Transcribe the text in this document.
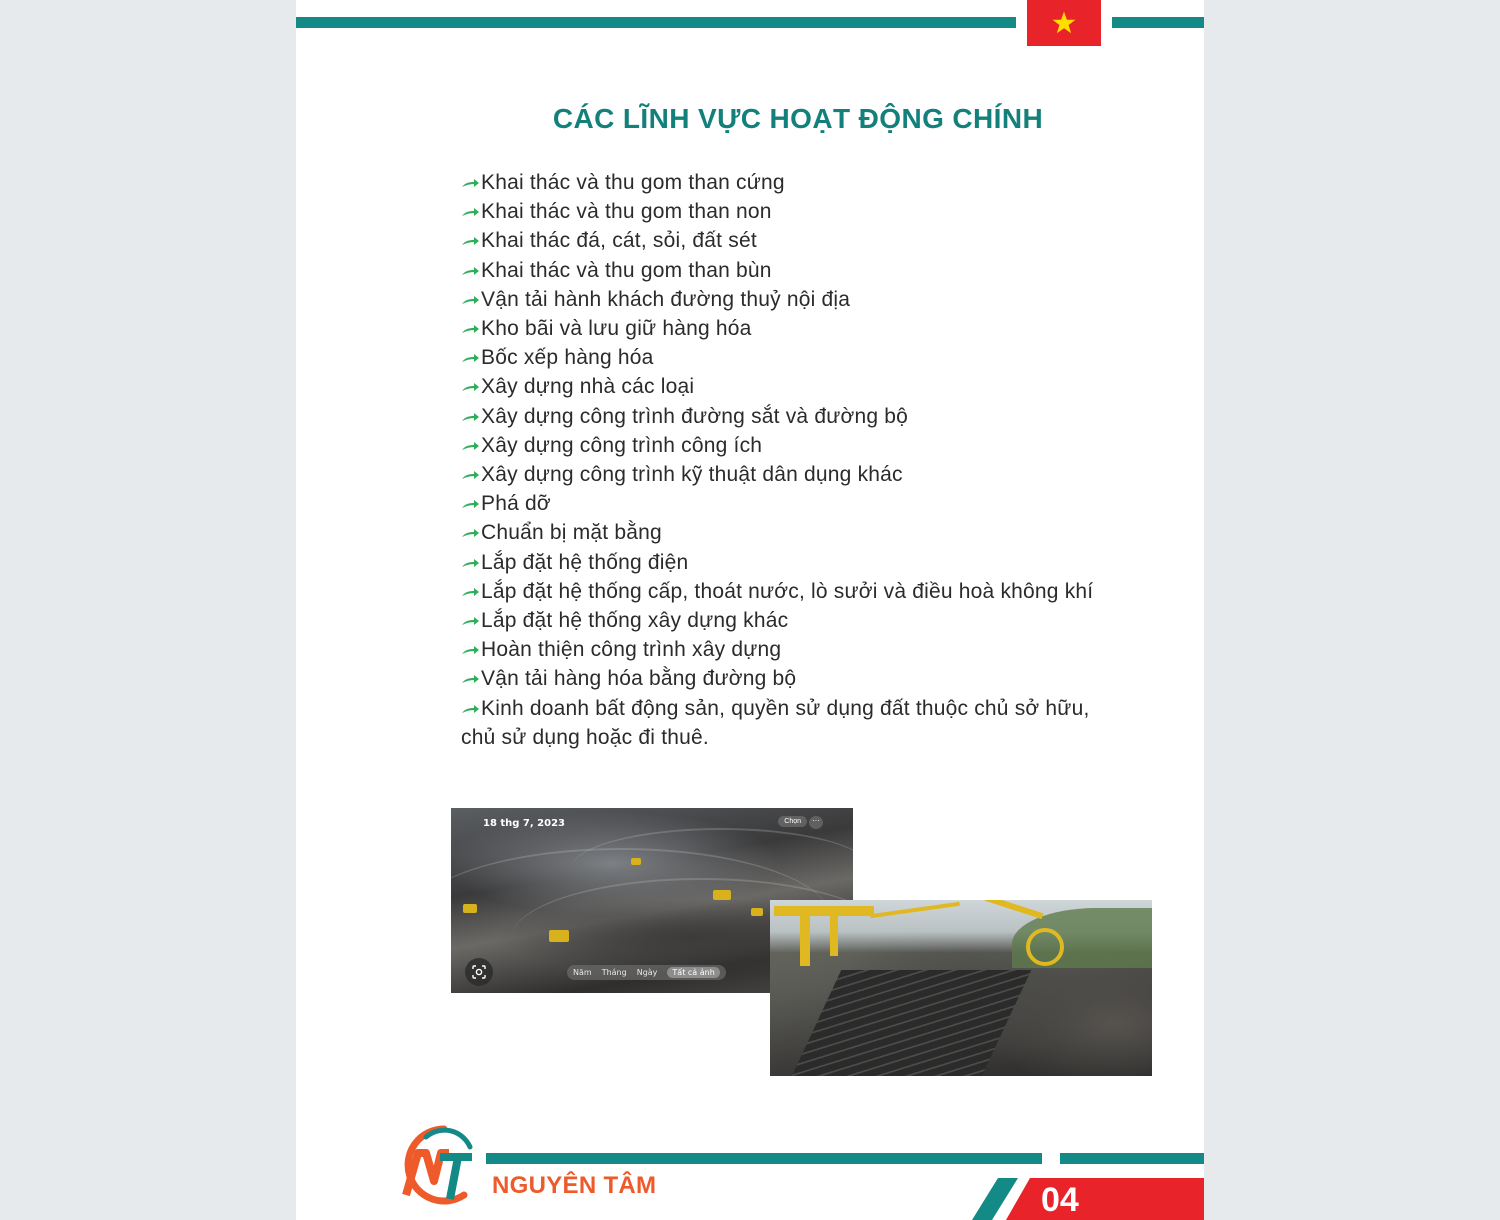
CÁC LĨNH VỰC HOẠT ĐỘNG CHÍNH
Khai thác và thu gom than cứng
Khai thác và thu gom than non
Khai thác đá, cát, sỏi, đất sét
Khai thác và thu gom than bùn
Vận tải hành khách đường thuỷ nội địa
Kho bãi và lưu giữ hàng hóa
Bốc xếp hàng hóa
Xây dựng nhà các loại
Xây dựng công trình đường sắt và đường bộ
Xây dựng công trình công ích
Xây dựng công trình kỹ thuật dân dụng khác
Phá dỡ
Chuẩn bị mặt bằng
Lắp đặt hệ thống điện
Lắp đặt hệ thống cấp, thoát nước, lò sưởi và điều hoà không khí
Lắp đặt hệ thống xây dựng khác
Hoàn thiện công trình xây dựng
Vận tải hàng hóa bằng đường bộ
Kinh doanh bất động sản, quyền sử dụng đất thuộc chủ sở hữu, chủ sử dụng hoặc đi thuê.
18 thg 7, 2023	Chọn	···
Năm Tháng Ngày	Tất cả ảnh
NGUYÊN TÂM	04
